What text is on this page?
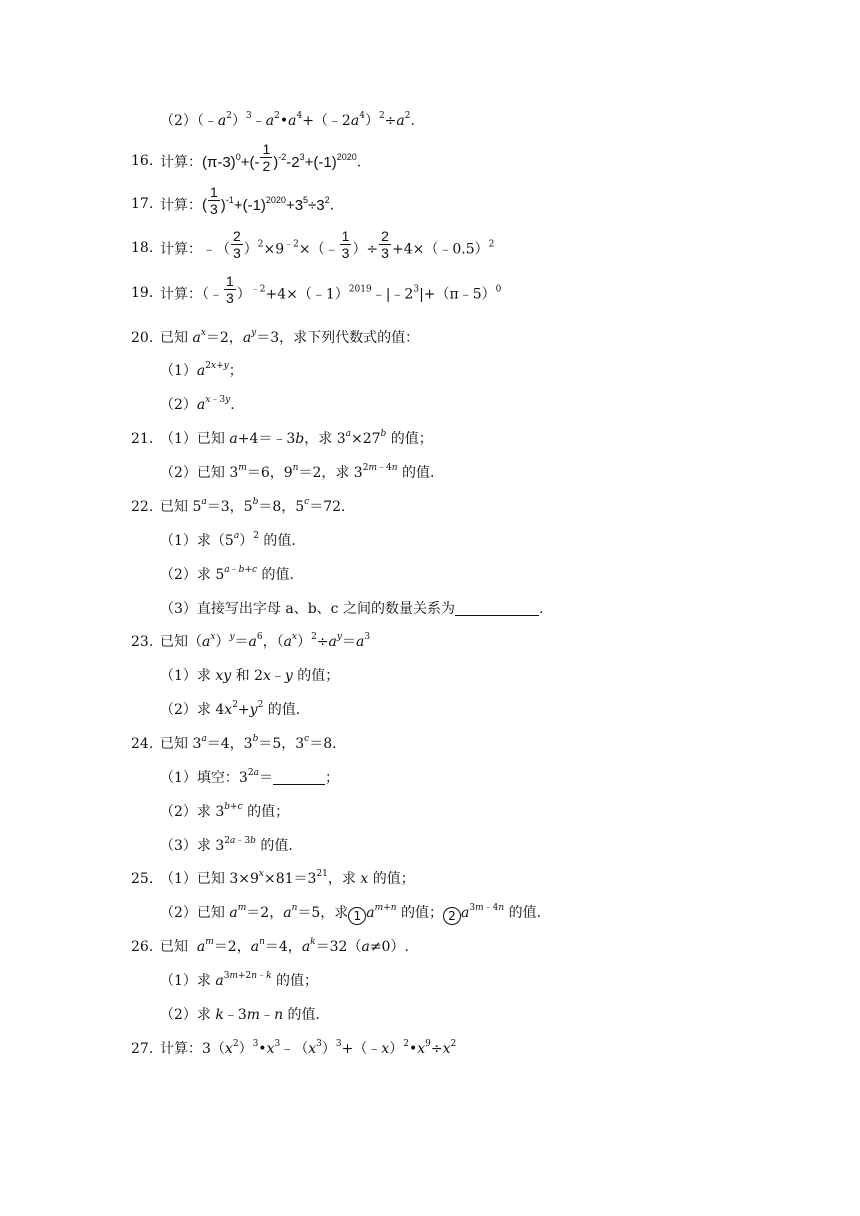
$(2)(﹣a^2)^3﹣a^2•a^4+(﹣2a^4)^2\div a^2$.
16. 计算：$(\pi-3)^0+(- \frac{1}{2} )^{-2}-2^3+(-1)^{2020}$.
17. 计算：( $\frac{1}{3} )^{-1}+(-1)^{2020}+3^5\div 3^2$.
18. 计算：﹣（ $\frac{2}{3}$ ）$^2\times 9^{﹣2}\times(﹣ \frac{1}{3}$ ）÷ $\frac{2}{3}$ +4×（﹣0.5）$^2$
19. 计算：（﹣ $\frac{1}{3}$ ）$^{﹣2}+4\times(﹣1)^{2019}﹣|﹣2^3|+(\pi﹣5)^0$
20. 已知 $a^x=2$，$a^y=3$，求下列代数式的值：
$(1)a^{2x+y}$；
$(2)a^{x﹣3y}$.
21. （1）已知 a+4＝﹣3b，求 $3^a\times 27^b$ 的值；
（2）已知 $3^m=6$，$9^n=2$，求 $3^{2m﹣4n}$ 的值.
22. 已知 $5^a=3$，$5^b=8$，$5^c=72$.
（1）求$(5^a)^2$ 的值.
（2）求 $5^{a﹣b+c}$ 的值.
（3）直接写出字母 a、b、c 之间的数量关系为	.
23. 已知$(a^x)^y=a^6$，$(a^x)^2\div a^y=a^3$
（1）求 xy 和 2x﹣y 的值；
（2）求 $4x^2+y^2$ 的值.
24. 已知 $3^a=4$，$3^b=5$，$3^c=8$.
（1）填空：$3^{2a}=$	；
（2）求 $3^{b+c}$ 的值；
（3）求 $3^{2a﹣3b}$ 的值.
25. （1）已知 $3\times 9^x\times 81=3^{21}$，求 x 的值；
（2）已知 $a^m=2$，$a^n=5$，求 1 $a^{m+n}$ 的值； 2 $a^{3m﹣4n}$ 的值.
26. 已知 $a^m=2$，$a^n=4$，$a^k=32(a\ne 0)$.
（1）求 $a^{3m+2n﹣k}$ 的值；
（2）求 k﹣3m﹣n 的值.
27. 计算：$3(x^2)^3•x^3﹣(x^3)^3+(﹣x)^2•x^9\div x^2$
